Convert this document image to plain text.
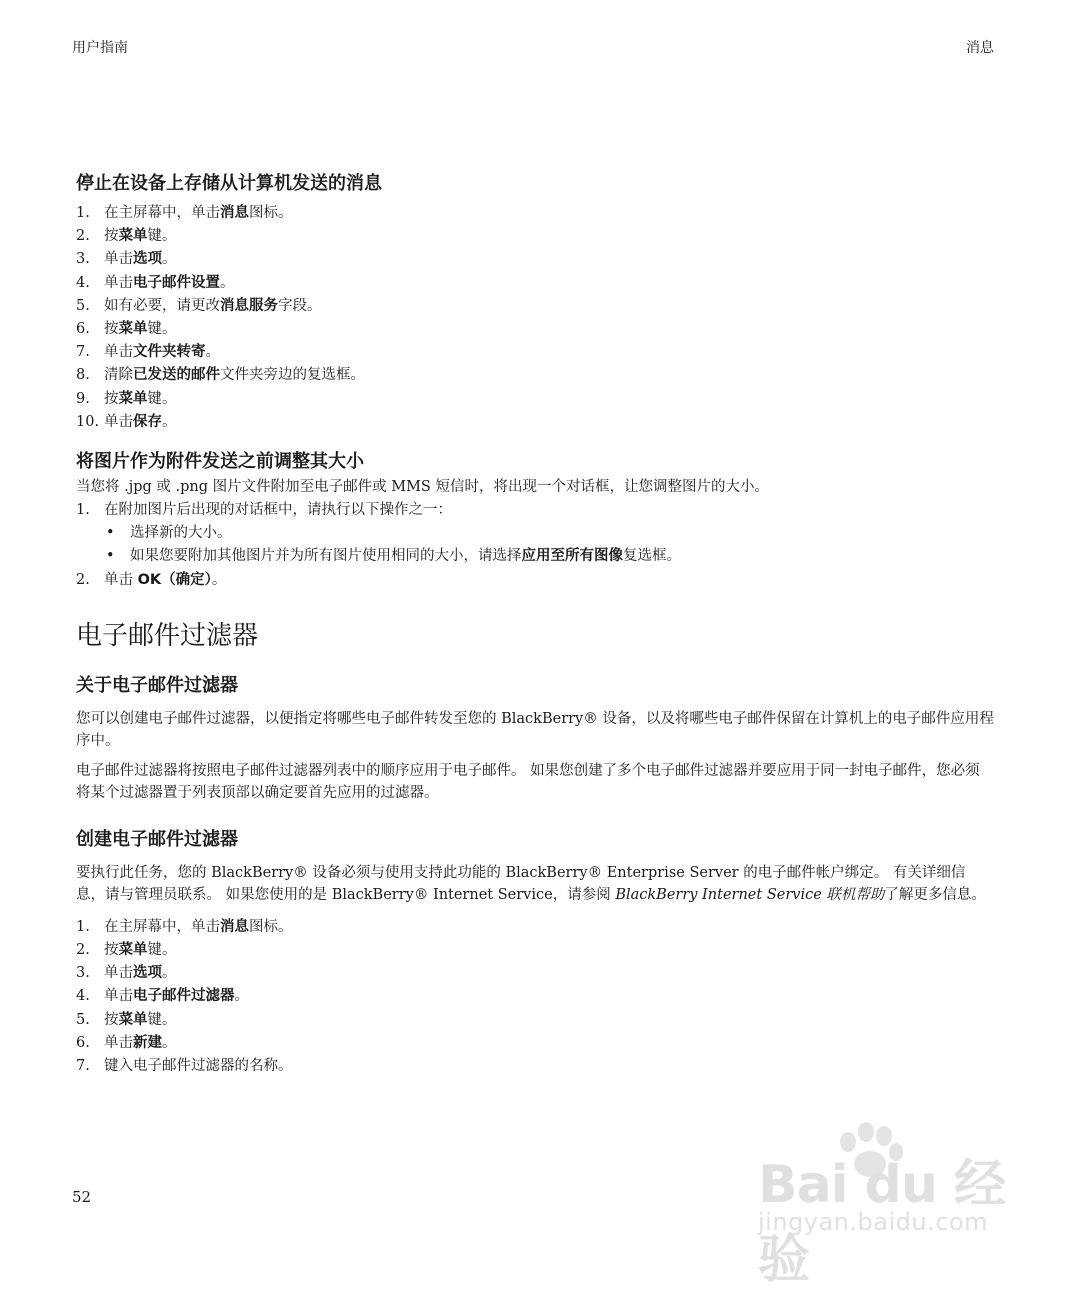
用户指南	消息
停止在设备上存储从计算机发送的消息
1. 在主屏幕中，单击消息图标。
2. 按菜单键。
3. 单击选项。
4. 单击电子邮件设置。
5. 如有必要，请更改消息服务字段。
6. 按菜单键。
7. 单击文件夹转寄。
8. 清除已发送的邮件文件夹旁边的复选框。
9. 按菜单键。
10. 单击保存。
将图片作为附件发送之前调整其大小

当您将 .jpg 或 .png 图片文件附加至电子邮件或 MMS 短信时，将出现一个对话框，让您调整图片的大小。

1. 在附加图片后出现的对话框中，请执行以下操作之一：
•	选择新的大小。
•	如果您要附加其他图片并为所有图片使用相同的大小，请选择应用至所有图像复选框。
2. 单击 OK（确定）。
电子邮件过滤器
关于电子邮件过滤器

您可以创建电子邮件过滤器，以便指定将哪些电子邮件转发至您的 BlackBerry® 设备，以及将哪些电子邮件保留在计算机上的电子邮件应用程序中。

电子邮件过滤器将按照电子邮件过滤器列表中的顺序应用于电子邮件。 如果您创建了多个电子邮件过滤器并要应用于同一封电子邮件，您必须将某个过滤器置于列表顶部以确定要首先应用的过滤器。

创建电子邮件过滤器

要执行此任务，您的 BlackBerry® 设备必须与使用支持此功能的 BlackBerry® Enterprise Server 的电子邮件帐户绑定。 有关详细信息，请与管理员联系。 如果您使用的是 BlackBerry® Internet Service，请参阅 BlackBerry Internet Service 联机帮助了解更多信息。

1. 在主屏幕中，单击消息图标。
2. 按菜单键。
3. 单击选项。
4. 单击电子邮件过滤器。
5. 按菜单键。
6. 单击新建。
7. 键入电子邮件过滤器的名称。
52	Bai du 经验
jingyan.baidu.com
